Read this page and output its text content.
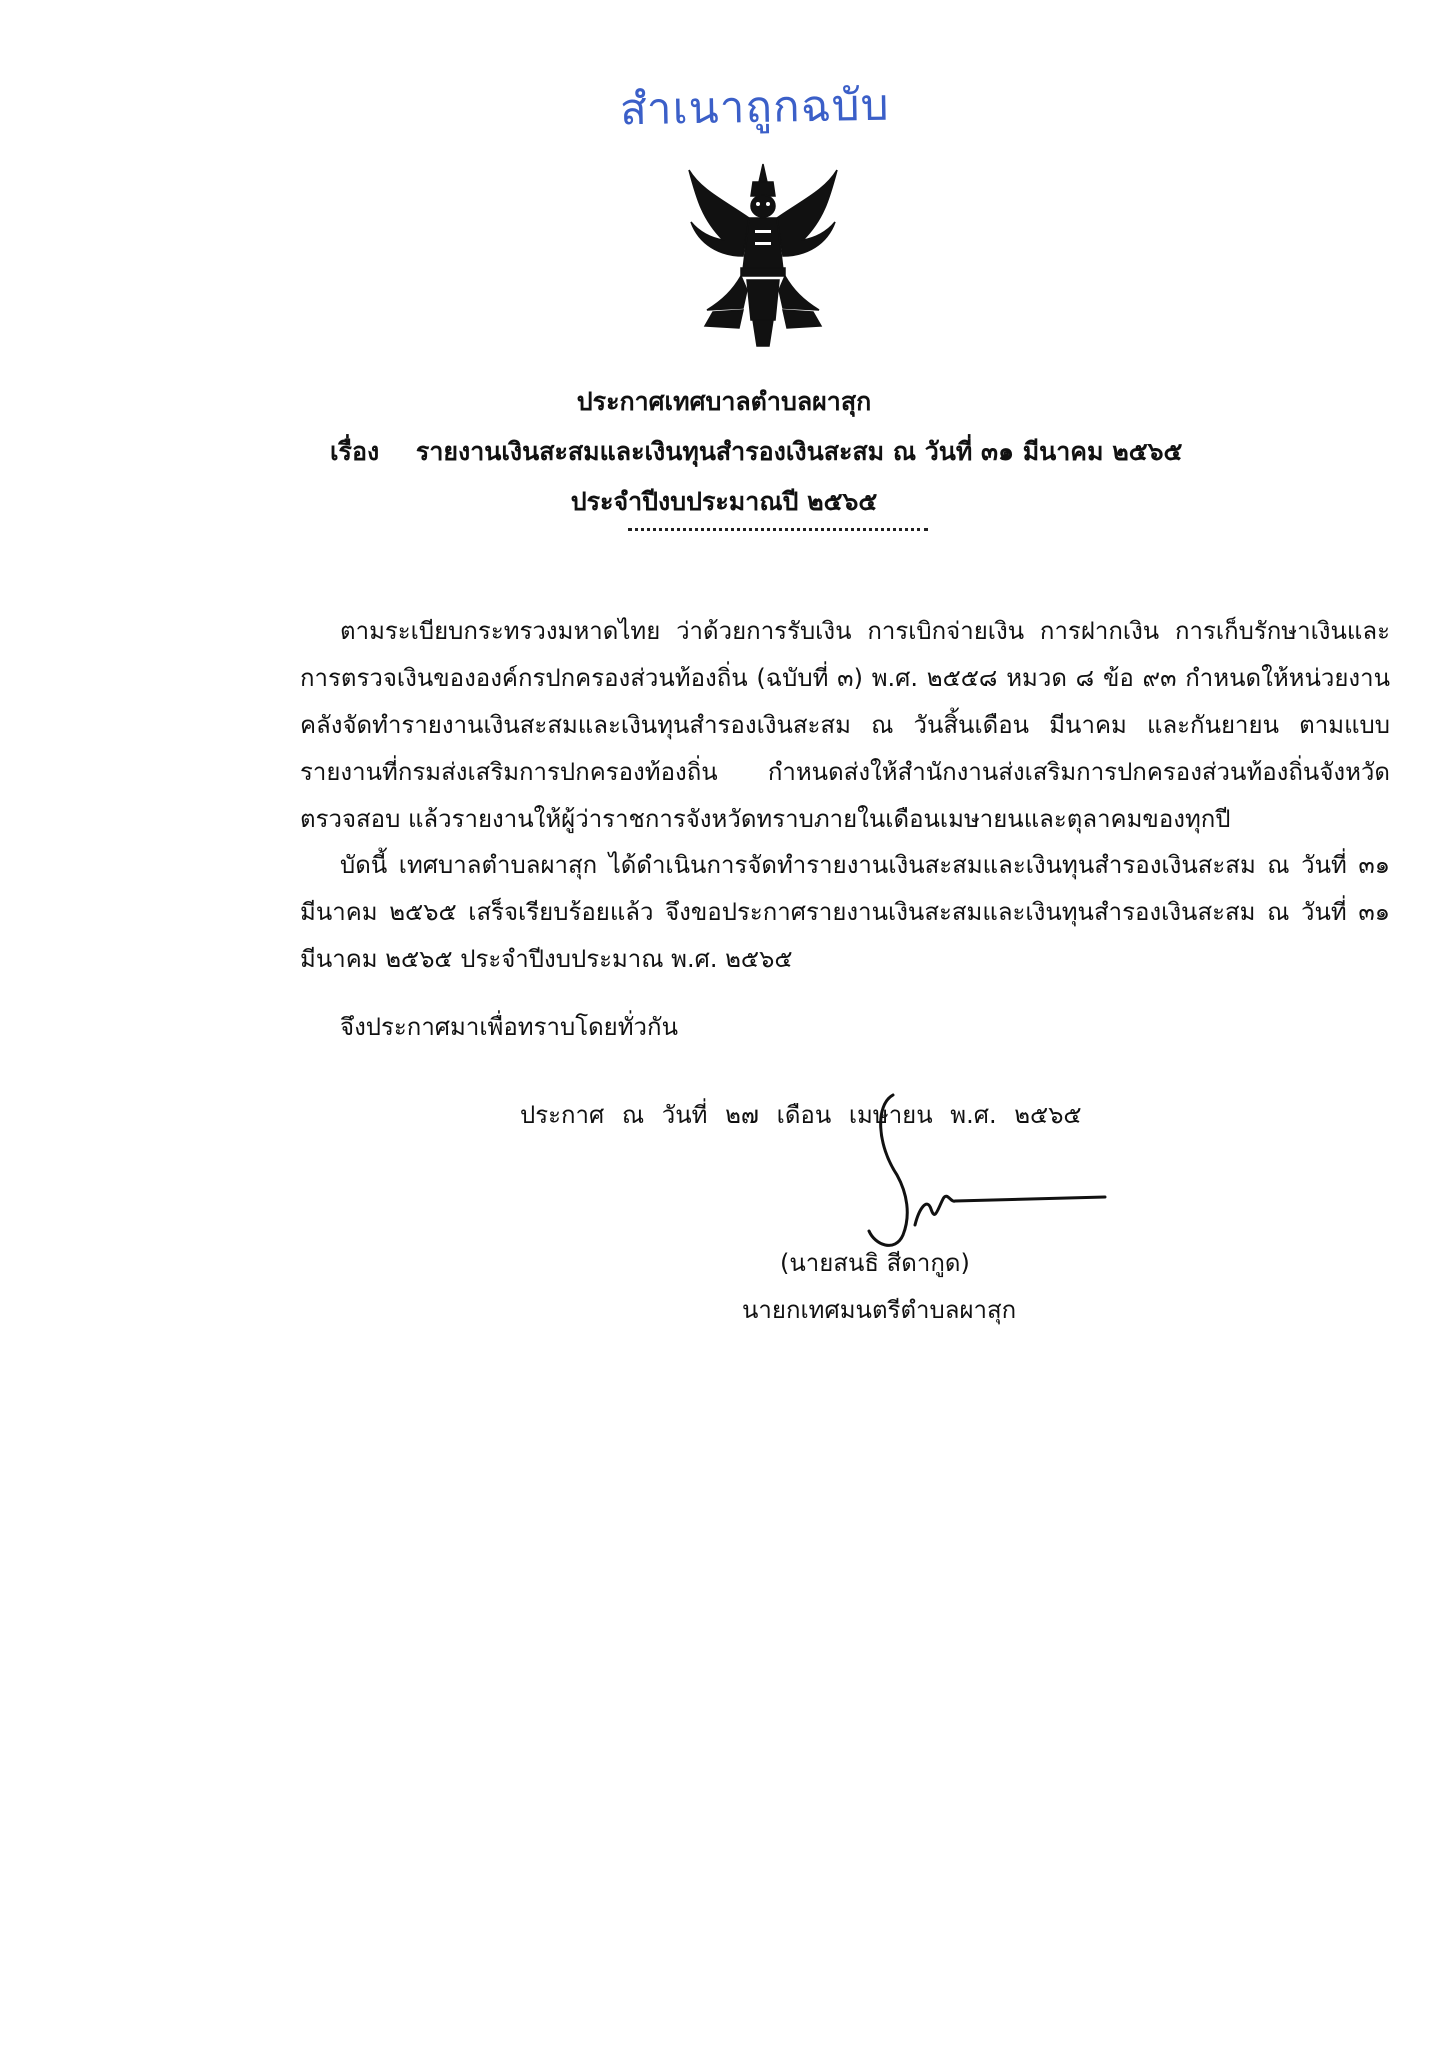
สำเนาถูกฉบับ
ประกาศเทศบาลตำบลผาสุก
เรื่อง รายงานเงินสะสมและเงินทุนสำรองเงินสะสม ณ วันที่ ๓๑ มีนาคม ๒๕๖๕
ประจำปีงบประมาณปี ๒๕๖๕
ตามระเบียบกระทรวงมหาดไทย ว่าด้วยการรับเงิน การเบิกจ่ายเงิน การฝากเงิน การเก็บรักษาเงินและการตรวจเงินขององค์กรปกครองส่วนท้องถิ่น (ฉบับที่ ๓) พ.ศ. ๒๕๕๘ หมวด ๘ ข้อ ๙๓ กำหนดให้หน่วยงานคลังจัดทำรายงานเงินสะสมและเงินทุนสำรองเงินสะสม ณ วันสิ้นเดือน มีนาคม และกันยายน ตามแบบรายงานที่กรมส่งเสริมการปกครองท้องถิ่น กำหนดส่งให้สำนักงานส่งเสริมการปกครองส่วนท้องถิ่นจังหวัดตรวจสอบ แล้วรายงานให้ผู้ว่าราชการจังหวัดทราบภายในเดือนเมษายนและตุลาคมของทุกปี
บัดนี้ เทศบาลตำบลผาสุก ได้ดำเนินการจัดทำรายงานเงินสะสมและเงินทุนสำรองเงินสะสม ณ วันที่ ๓๑ มีนาคม ๒๕๖๕ เสร็จเรียบร้อยแล้ว จึงขอประกาศรายงานเงินสะสมและเงินทุนสำรองเงินสะสม ณ วันที่ ๓๑ มีนาคม ๒๕๖๕ ประจำปีงบประมาณ พ.ศ. ๒๕๖๕
จึงประกาศมาเพื่อทราบโดยทั่วกัน
ประกาศ ณ วันที่ ๒๗ เดือน เมษายน พ.ศ. ๒๕๖๕
(นายสนธิ สีดากูด)
นายกเทศมนตรีตำบลผาสุก
